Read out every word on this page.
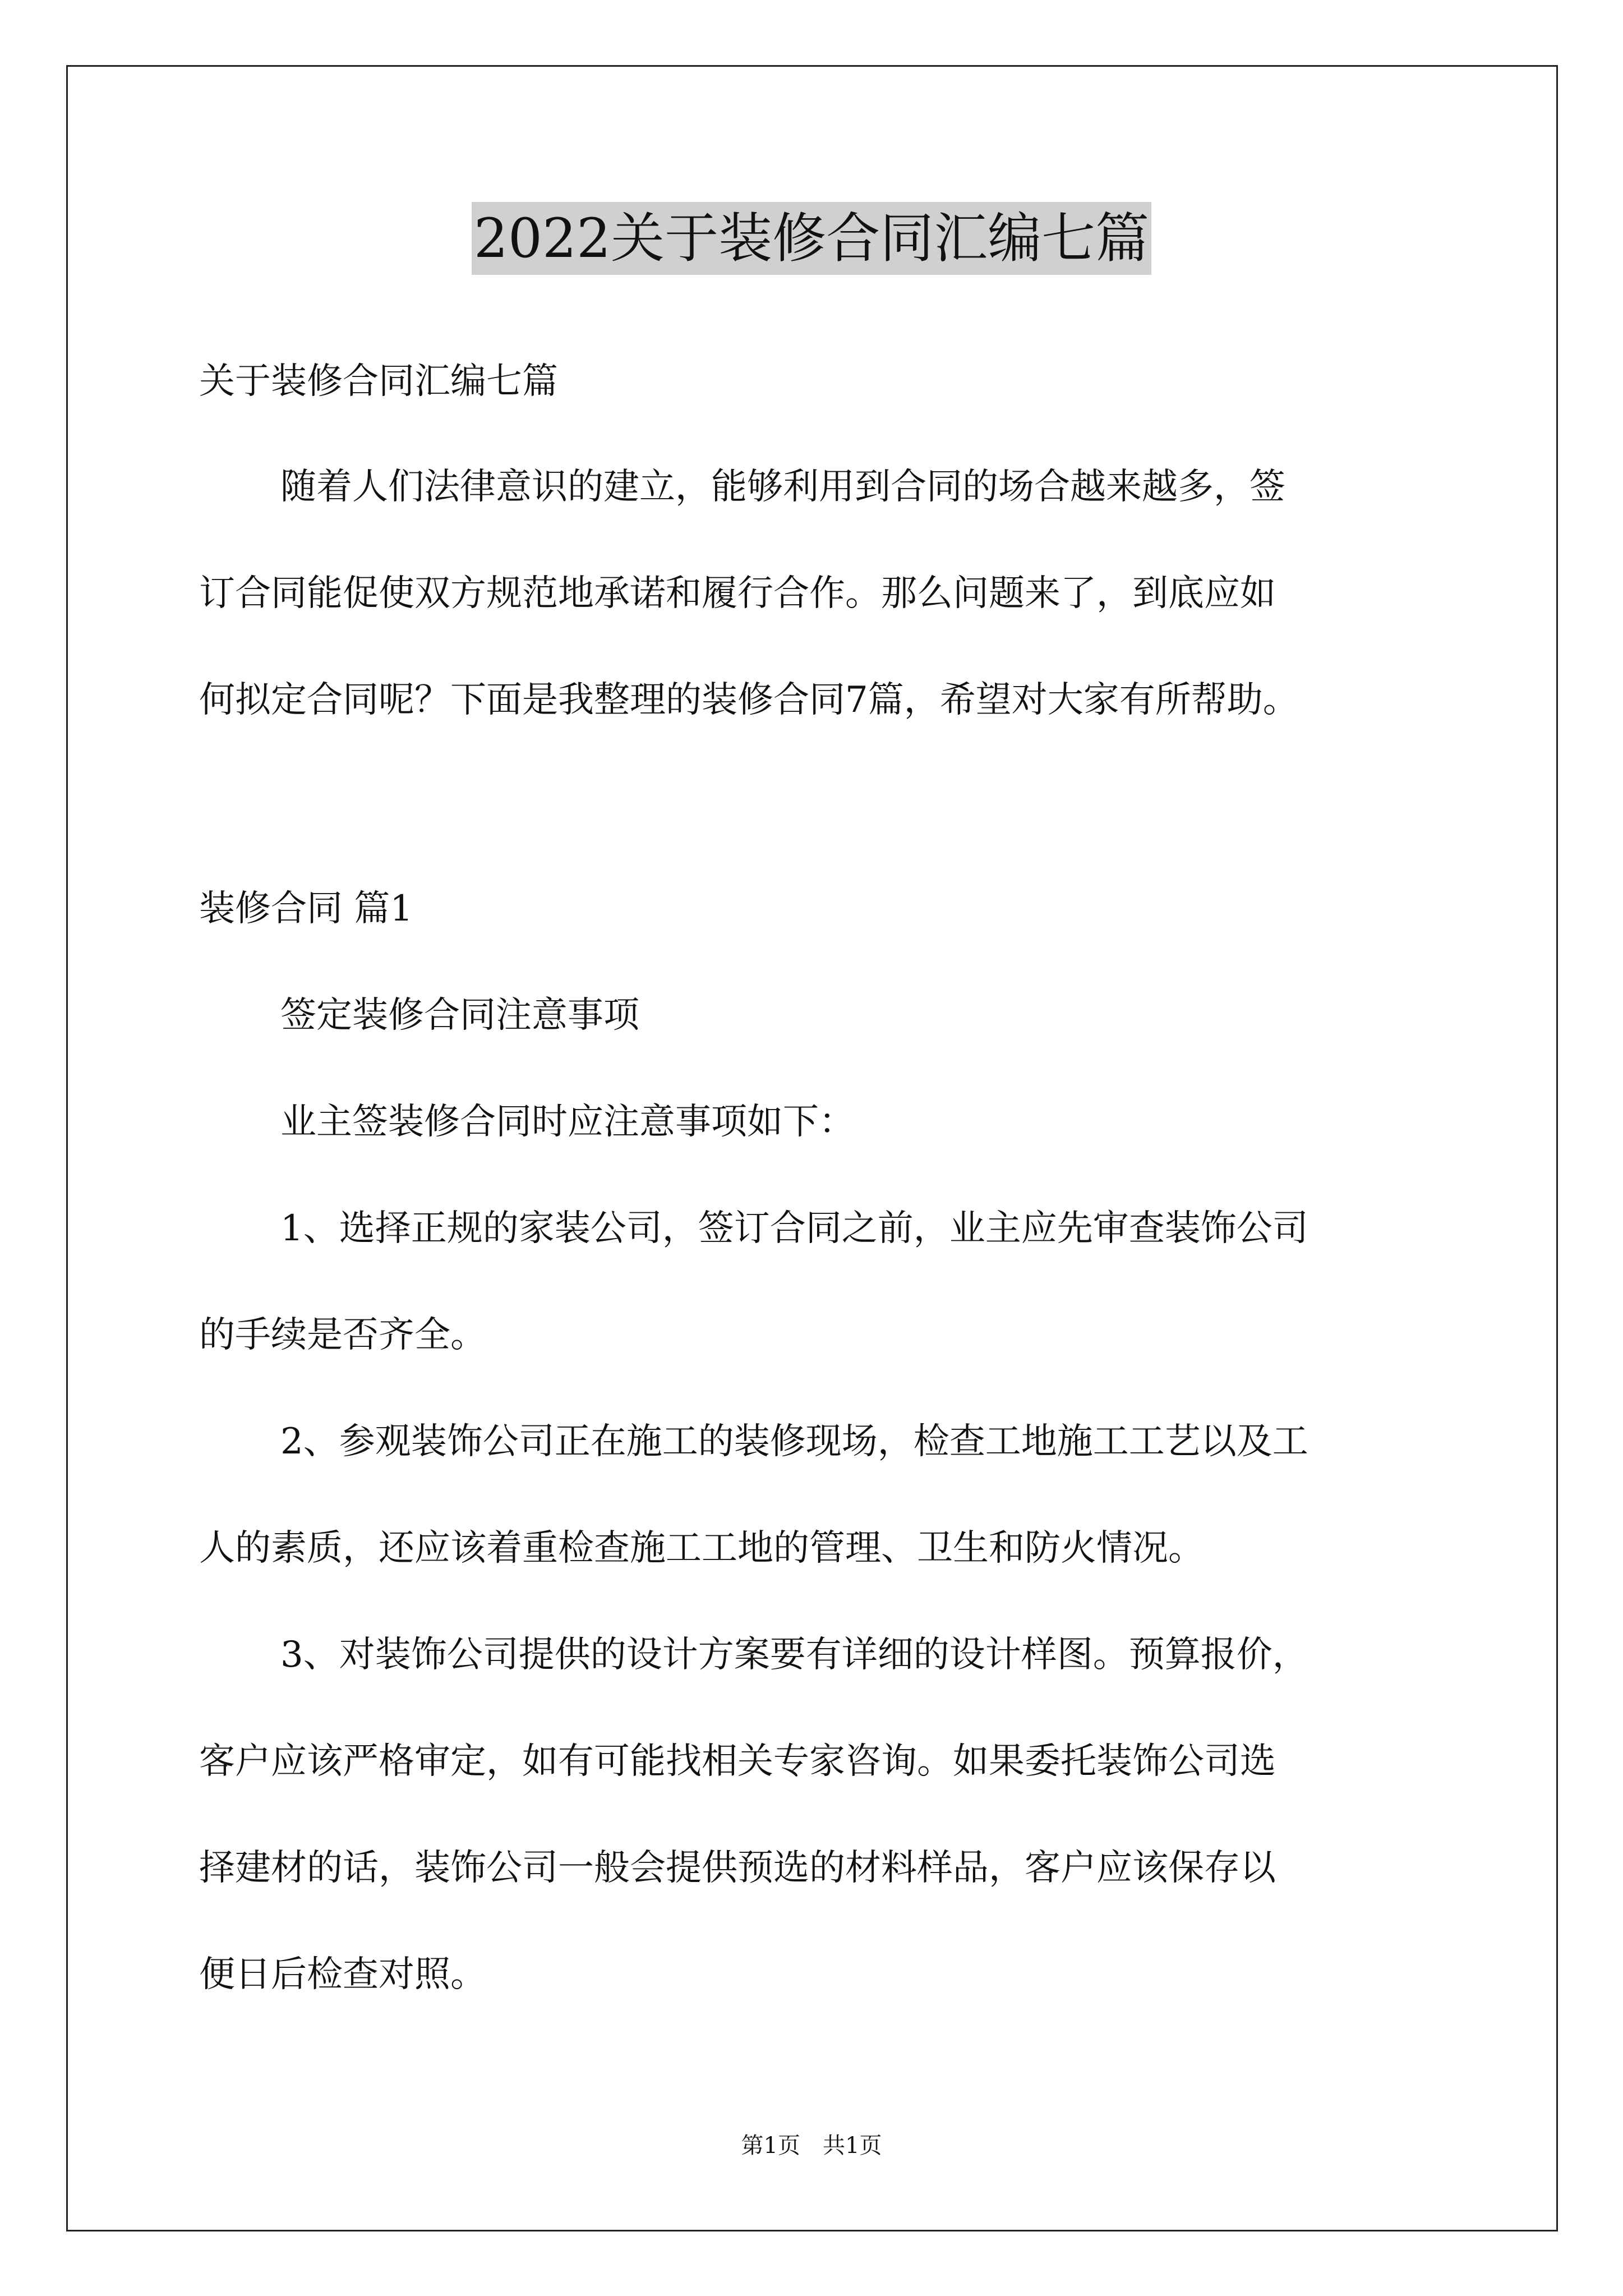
2022关于装修合同汇编七篇
关于装修合同汇编七篇
随着人们法律意识的建立，能够利用到合同的场合越来越多，签
订合同能促使双方规范地承诺和履行合作。那么问题来了，到底应如
何拟定合同呢？下面是我整理的装修合同7篇，希望对大家有所帮助。
装修合同 篇1
签定装修合同注意事项
业主签装修合同时应注意事项如下：
1、选择正规的家装公司，签订合同之前，业主应先审查装饰公司
的手续是否齐全。
2、参观装饰公司正在施工的装修现场，检查工地施工工艺以及工
人的素质，还应该着重检查施工工地的管理、卫生和防火情况。
3、对装饰公司提供的设计方案要有详细的设计样图。预算报价，
客户应该严格审定，如有可能找相关专家咨询。如果委托装饰公司选
择建材的话，装饰公司一般会提供预选的材料样品，客户应该保存以
便日后检查对照。
第1页　共1页
